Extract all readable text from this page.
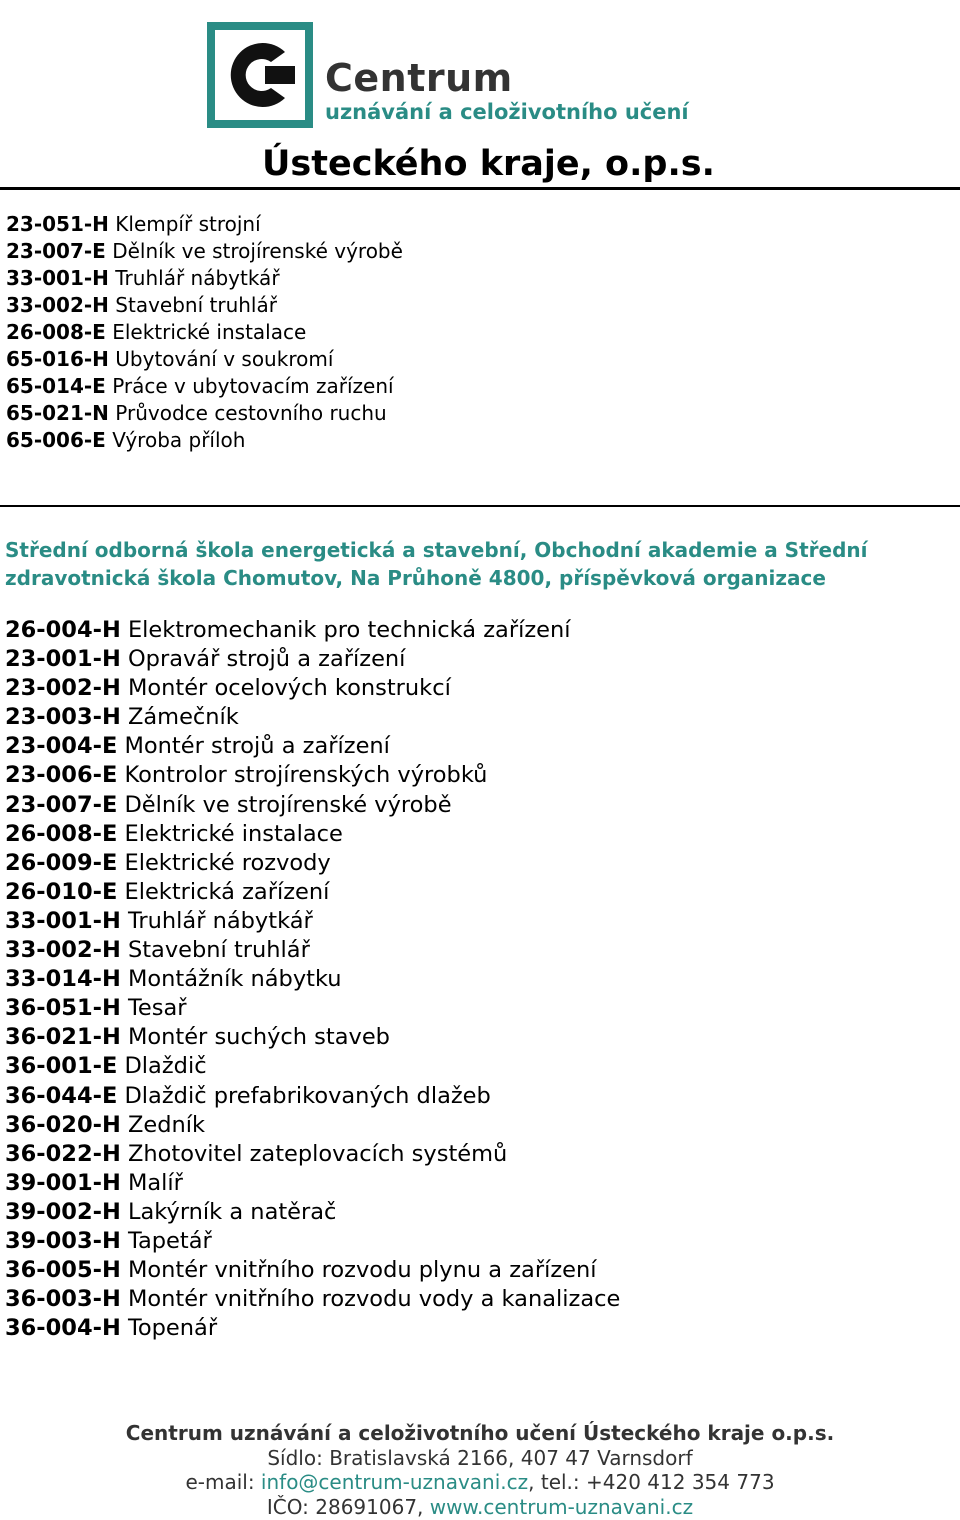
Centrum
uznávání a celoživotního učení
Ústeckého kraje, o.p.s.
23-051-H Klempíř strojní
23-007-E Dělník ve strojírenské výrobě
33-001-H Truhlář nábytkář
33-002-H Stavební truhlář
26-008-E Elektrické instalace
65-016-H Ubytování v soukromí
65-014-E Práce v ubytovacím zařízení
65-021-N Průvodce cestovního ruchu
65-006-E Výroba příloh
Střední odborná škola energetická a stavební, Obchodní akademie a Střední zdravotnická škola Chomutov, Na Průhoně 4800, příspěvková organizace
26-004-H Elektromechanik pro technická zařízení
23-001-H Opravář strojů a zařízení
23-002-H Montér ocelových konstrukcí
23-003-H Zámečník
23-004-E Montér strojů a zařízení
23-006-E Kontrolor strojírenských výrobků
23-007-E Dělník ve strojírenské výrobě
26-008-E Elektrické instalace
26-009-E Elektrické rozvody
26-010-E Elektrická zařízení
33-001-H Truhlář nábytkář
33-002-H Stavební truhlář
33-014-H Montážník nábytku
36-051-H Tesař
36-021-H Montér suchých staveb
36-001-E Dlaždič
36-044-E Dlaždič prefabrikovaných dlažeb
36-020-H Zedník
36-022-H Zhotovitel zateplovacích systémů
39-001-H Malíř
39-002-H Lakýrník a natěrač
39-003-H Tapetář
36-005-H Montér vnitřního rozvodu plynu a zařízení
36-003-H Montér vnitřního rozvodu vody a kanalizace
36-004-H Topenář
Centrum uznávání a celoživotního učení Ústeckého kraje o.p.s.
Sídlo: Bratislavská 2166, 407 47 Varnsdorf
e-mail: info@centrum-uznavani.cz, tel.: +420 412 354 773
IČO: 28691067, www.centrum-uznavani.cz
